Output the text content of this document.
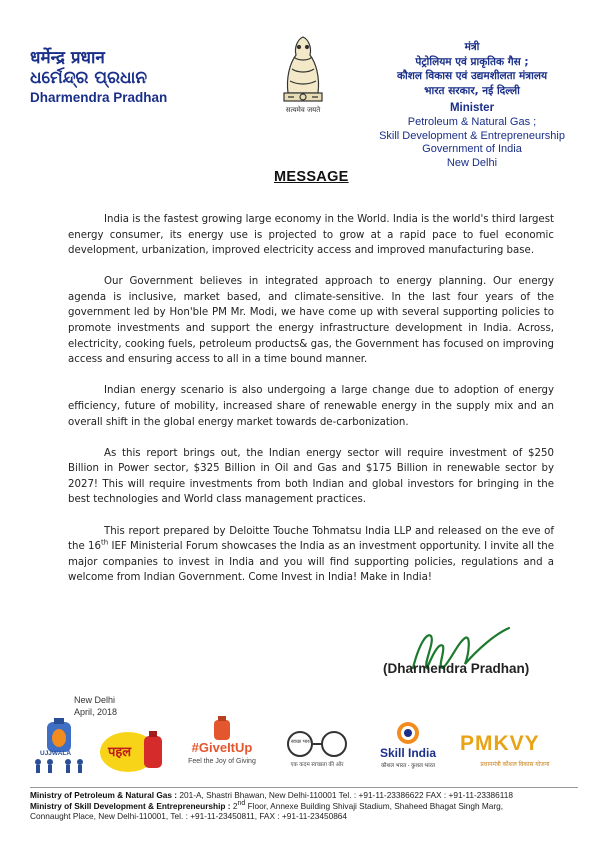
धर्मेन्द्र प्रधान
ଧର୍ମେନ୍ଦ୍ର ପ୍ରଧାନ
Dharmendra Pradhan
सत्यमेव जयते
मंत्री
पेट्रोलियम एवं प्राकृतिक गैस ;
कौशल विकास एवं उद्यमशीलता मंत्रालय
भारत सरकार, नई दिल्ली
Minister
Petroleum & Natural Gas ;
Skill Development & Entrepreneurship
Government of India
New Delhi
MESSAGE

India is the fastest growing large economy in the World. India is the world's third largest energy consumer, its energy use is projected to grow at a rapid pace to fuel economic development, urbanization, improved electricity access and improved manufacturing base.

Our Government believes in integrated approach to energy planning. Our energy agenda is inclusive, market based, and climate-sensitive. In the last four years of the government led by Hon'ble PM Mr. Modi, we have come up with several supporting policies to promote investments and support the energy infrastructure development in India. Across, electricity, cooking fuels, petroleum products& gas, the Government has focused on improving access and ensuring access to all in a time bound manner.

Indian energy scenario is also undergoing a large change due to adoption of energy efficiency, future of mobility, increased share of renewable energy in the supply mix and an overall shift in the global energy market towards de-carbonization.

As this report brings out, the Indian energy sector will require investment of $250 Billion in Power sector, $325 Billion in Oil and Gas and $175 Billion in renewable sector by 2027! This will require investments from both Indian and global investors for bringing in the best technologies and World class management practices.

This report prepared by Deloitte Touche Tohmatsu India LLP and released on the eve of the 16th IEF Ministerial Forum showcases the India as an investment opportunity. I invite all the major companies to invest in India and you will find supporting policies, regulations and a welcome from Indian Government. Come Invest in India! Make in India!

(Dharmendra Pradhan)
New Delhi
April, 2018
UJJWALA	पहल	#GiveItUp
Feel the Joy of Giving
स्वच्छ भारत
एक कदम स्वच्छता की ओर
Skill India
कौशल भारत - कुशल भारत
PMKVY
प्रधानमंत्री कौशल विकास योजना
Ministry of Petroleum & Natural Gas : 201-A, Shastri Bhawan, New Delhi-110001 Tel. : +91-11-23386622 FAX : +91-11-23386118
Ministry of Skill Development & Entrepreneurship : 2nd Floor, Annexe Building Shivaji Stadium, Shaheed Bhagat Singh Marg,
Connaught Place, New Delhi-110001, Tel. : +91-11-23450811, FAX : +91-11-23450864
